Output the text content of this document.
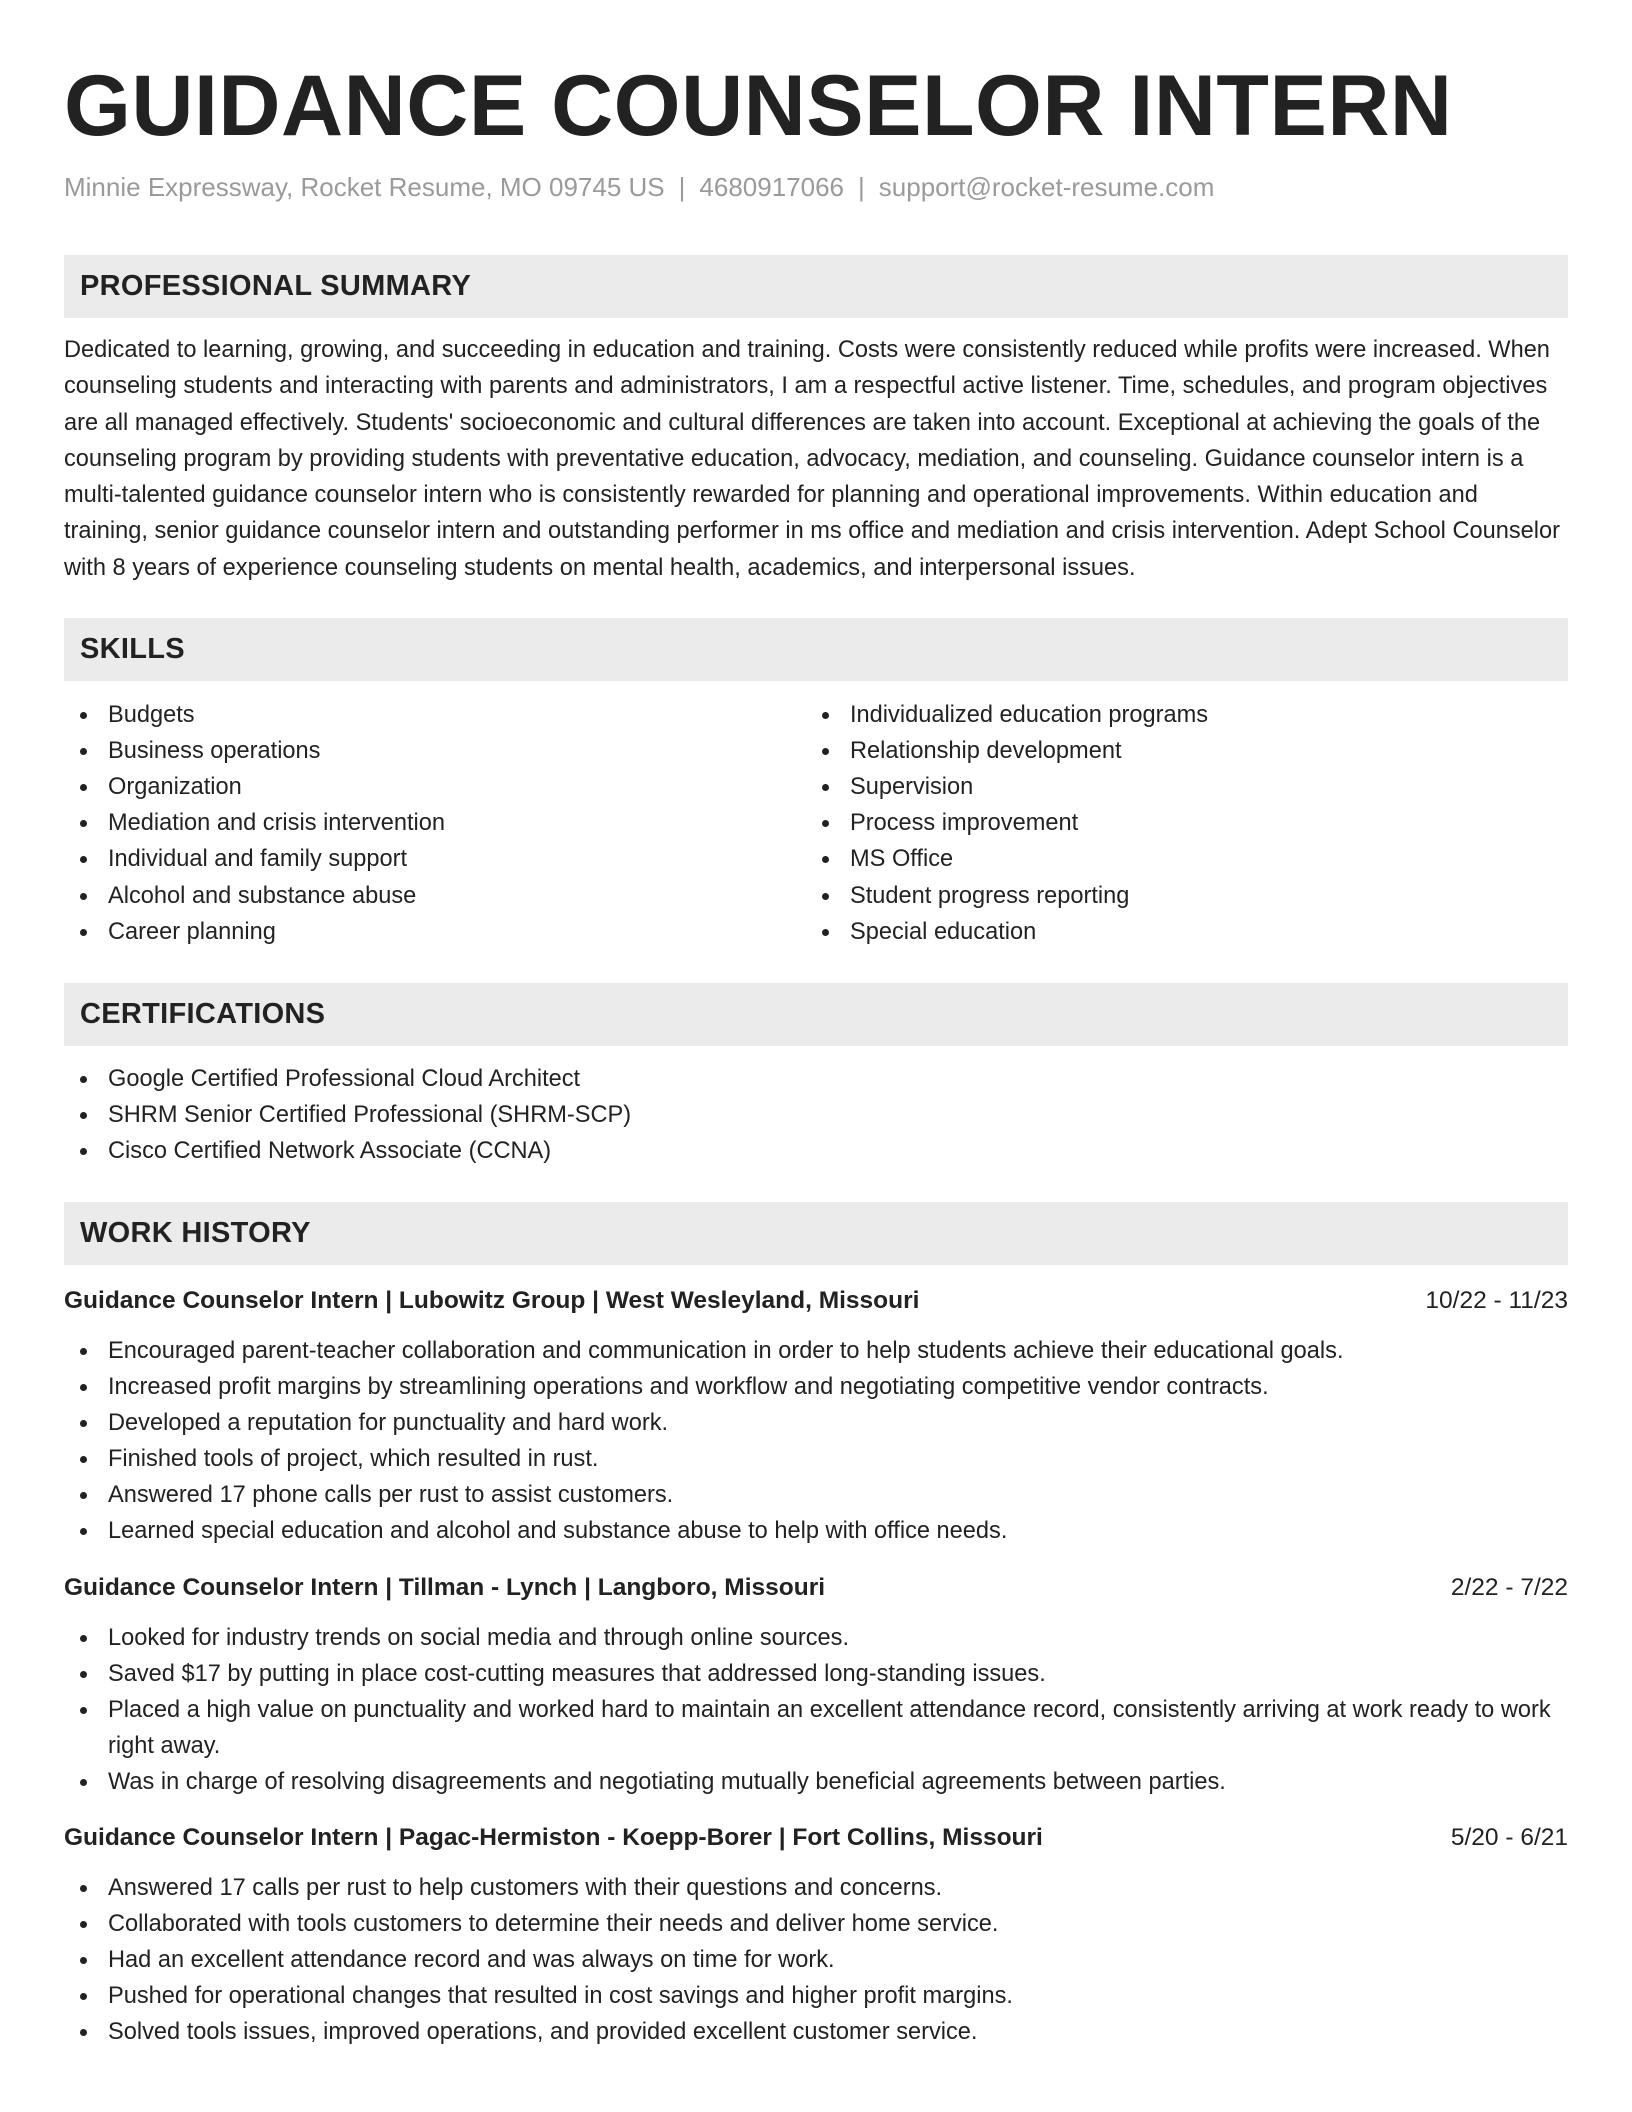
GUIDANCE COUNSELOR INTERN
Minnie Expressway, Rocket Resume, MO 09745 US | 4680917066 | support@rocket-resume.com
PROFESSIONAL SUMMARY

Dedicated to learning, growing, and succeeding in education and training. Costs were consistently reduced while profits were increased. When counseling students and interacting with parents and administrators, I am a respectful active listener. Time, schedules, and program objectives are all managed effectively. Students' socioeconomic and cultural differences are taken into account. Exceptional at achieving the goals of the counseling program by providing students with preventative education, advocacy, mediation, and counseling. Guidance counselor intern is a multi-talented guidance counselor intern who is consistently rewarded for planning and operational improvements. Within education and training, senior guidance counselor intern and outstanding performer in ms office and mediation and crisis intervention. Adept School Counselor with 8 years of experience counseling students on mental health, academics, and interpersonal issues.

SKILLS
Budgets
Business operations
Organization
Mediation and crisis intervention
Individual and family support
Alcohol and substance abuse
Career planning
Individualized education programs
Relationship development
Supervision
Process improvement
MS Office
Student progress reporting
Special education
CERTIFICATIONS
Google Certified Professional Cloud Architect
SHRM Senior Certified Professional (SHRM-SCP)
Cisco Certified Network Associate (CCNA)
WORK HISTORY
Guidance Counselor Intern | Lubowitz Group | West Wesleyland, Missouri	10/22 - 11/23
Encouraged parent-teacher collaboration and communication in order to help students achieve their educational goals.
Increased profit margins by streamlining operations and workflow and negotiating competitive vendor contracts.
Developed a reputation for punctuality and hard work.
Finished tools of project, which resulted in rust.
Answered 17 phone calls per rust to assist customers.
Learned special education and alcohol and substance abuse to help with office needs.
Guidance Counselor Intern | Tillman - Lynch | Langboro, Missouri	2/22 - 7/22
Looked for industry trends on social media and through online sources.
Saved $17 by putting in place cost-cutting measures that addressed long-standing issues.
Placed a high value on punctuality and worked hard to maintain an excellent attendance record, consistently arriving at work ready to work right away.
Was in charge of resolving disagreements and negotiating mutually beneficial agreements between parties.
Guidance Counselor Intern | Pagac-Hermiston - Koepp-Borer | Fort Collins, Missouri	5/20 - 6/21
Answered 17 calls per rust to help customers with their questions and concerns.
Collaborated with tools customers to determine their needs and deliver home service.
Had an excellent attendance record and was always on time for work.
Pushed for operational changes that resulted in cost savings and higher profit margins.
Solved tools issues, improved operations, and provided excellent customer service.
